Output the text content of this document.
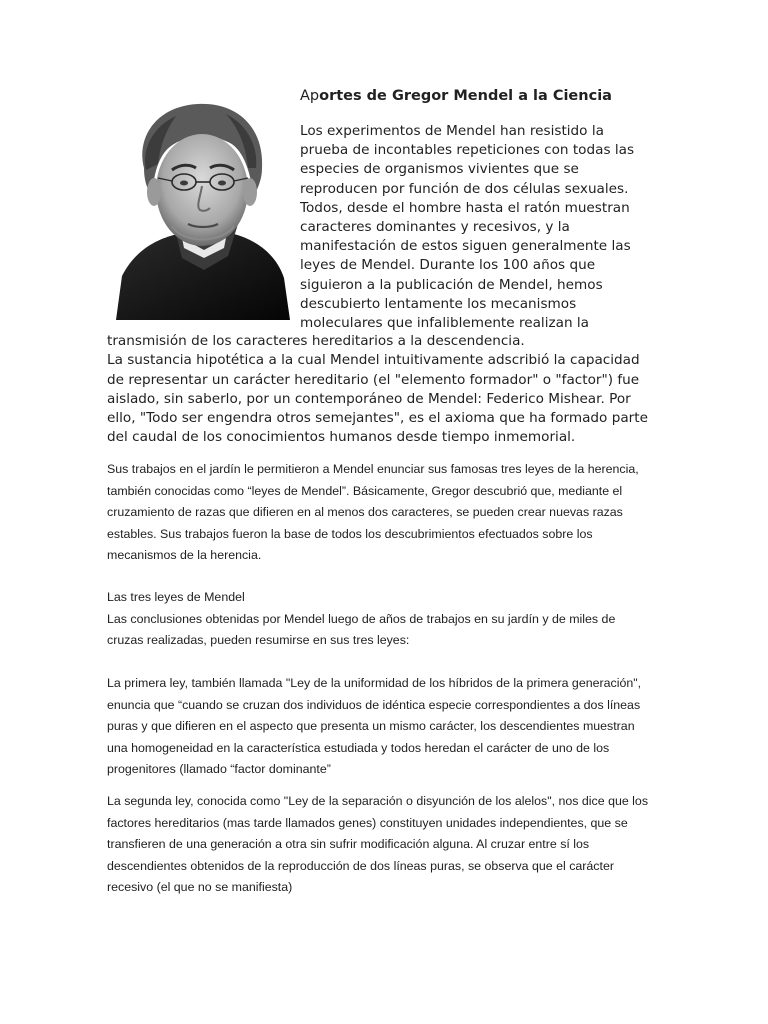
Aportes de Gregor Mendel a la Ciencia
Los experimentos de Mendel han resistido la
prueba de incontables repeticiones con todas las
especies de organismos vivientes que se
reproducen por función de dos células sexuales.
Todos, desde el hombre hasta el ratón muestran
caracteres dominantes y recesivos, y la
manifestación de estos siguen generalmente las
leyes de Mendel. Durante los 100 años que
siguieron a la publicación de Mendel, hemos
descubierto lentamente los mecanismos
moleculares que infaliblemente realizan la
transmisión de los caracteres hereditarios a la descendencia.
La sustancia hipotética a la cual Mendel intuitivamente adscribió la capacidad
de representar un carácter hereditario (el "elemento formador" o "factor") fue
aislado, sin saberlo, por un contemporáneo de Mendel: Federico Mishear. Por
ello, "Todo ser engendra otros semejantes", es el axioma que ha formado parte
del caudal de los conocimientos humanos desde tiempo inmemorial.
Sus trabajos en el jardín le permitieron a Mendel enunciar sus famosas tres leyes de la herencia,
también conocidas como “leyes de Mendel”. Básicamente, Gregor descubrió que, mediante el
cruzamiento de razas que difieren en al menos dos caracteres, se pueden crear nuevas razas
estables. Sus trabajos fueron la base de todos los descubrimientos efectuados sobre los
mecanismos de la herencia.
Las tres leyes de Mendel
Las conclusiones obtenidas por Mendel luego de años de trabajos en su jardín y de miles de
cruzas realizadas, pueden resumirse en sus tres leyes:
La primera ley, también llamada "Ley de la uniformidad de los híbridos de la primera generación",
enuncia que “cuando se cruzan dos individuos de idéntica especie correspondientes a dos líneas
puras y que difieren en el aspecto que presenta un mismo carácter, los descendientes muestran
una homogeneidad en la característica estudiada y todos heredan el carácter de uno de los
progenitores (llamado “factor dominante”
La segunda ley, conocida como "Ley de la separación o disyunción de los alelos", nos dice que los
factores hereditarios (mas tarde llamados genes) constituyen unidades independientes, que se
transfieren de una generación a otra sin sufrir modificación alguna. Al cruzar entre sí los
descendientes obtenidos de la reproducción de dos líneas puras, se observa que el carácter
recesivo (el que no se manifiesta)
